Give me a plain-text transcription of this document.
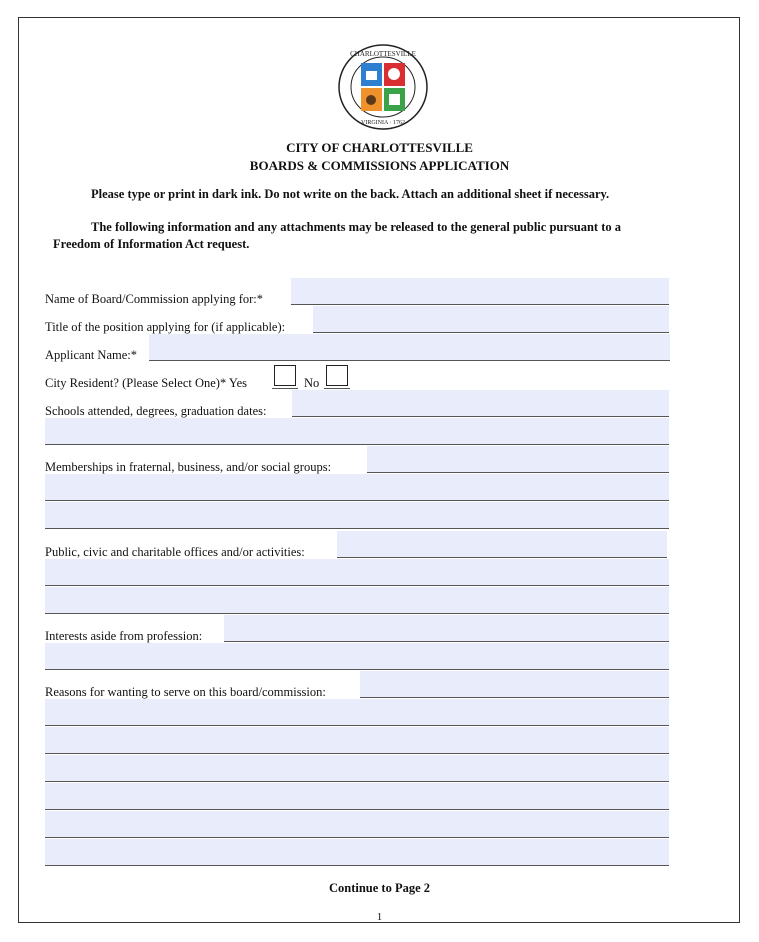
CHARLOTTESVILLE
VIRGINIA · 1762
CITY OF CHARLOTTESVILLE
BOARDS & COMMISSIONS APPLICATION
Please type or print in dark ink. Do not write on the back. Attach an additional sheet if necessary.
The following information and any attachments may be released to the general public pursuant to a
Freedom of Information Act request.
Name of Board/Commission applying for:*
Title of the position applying for (if applicable):
Applicant Name:*
City Resident? (Please Select One)* Yes	No
Schools attended, degrees, graduation dates:
Memberships in fraternal, business, and/or social groups:
Public, civic and charitable offices and/or activities:
Interests aside from profession:
Reasons for wanting to serve on this board/commission:
Continue to Page 2
1
